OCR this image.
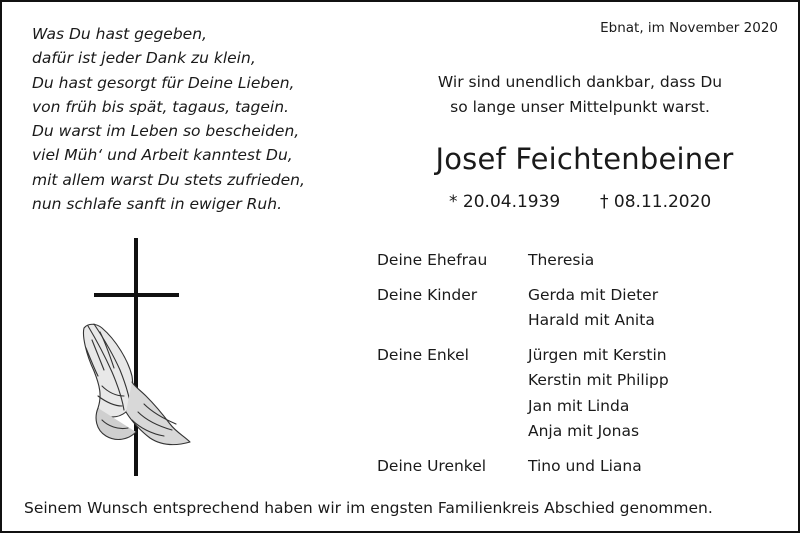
Was Du hast gegeben,
dafür ist jeder Dank zu klein,
Du hast gesorgt für Deine Lieben,
von früh bis spät, tagaus, tagein.
Du warst im Leben so bescheiden,
viel Müh‘ und Arbeit kanntest Du,
mit allem warst Du stets zufrieden,
nun schlafe sanft in ewiger Ruh.
Ebnat, im November 2020
Wir sind unendlich dankbar, dass Du
so lange unser Mittelpunkt warst.
Josef Feichtenbeiner
* 20.04.1939 † 08.11.2020
Deine Ehefrau	Theresia
Deine Kinder	Gerda mit Dieter
Harald mit Anita
Deine Enkel	Jürgen mit Kerstin
Kerstin mit Philipp
Jan mit Linda
Anja mit Jonas
Deine Urenkel	Tino und Liana
Seinem Wunsch entsprechend haben wir im engsten Familienkreis Abschied genommen.
